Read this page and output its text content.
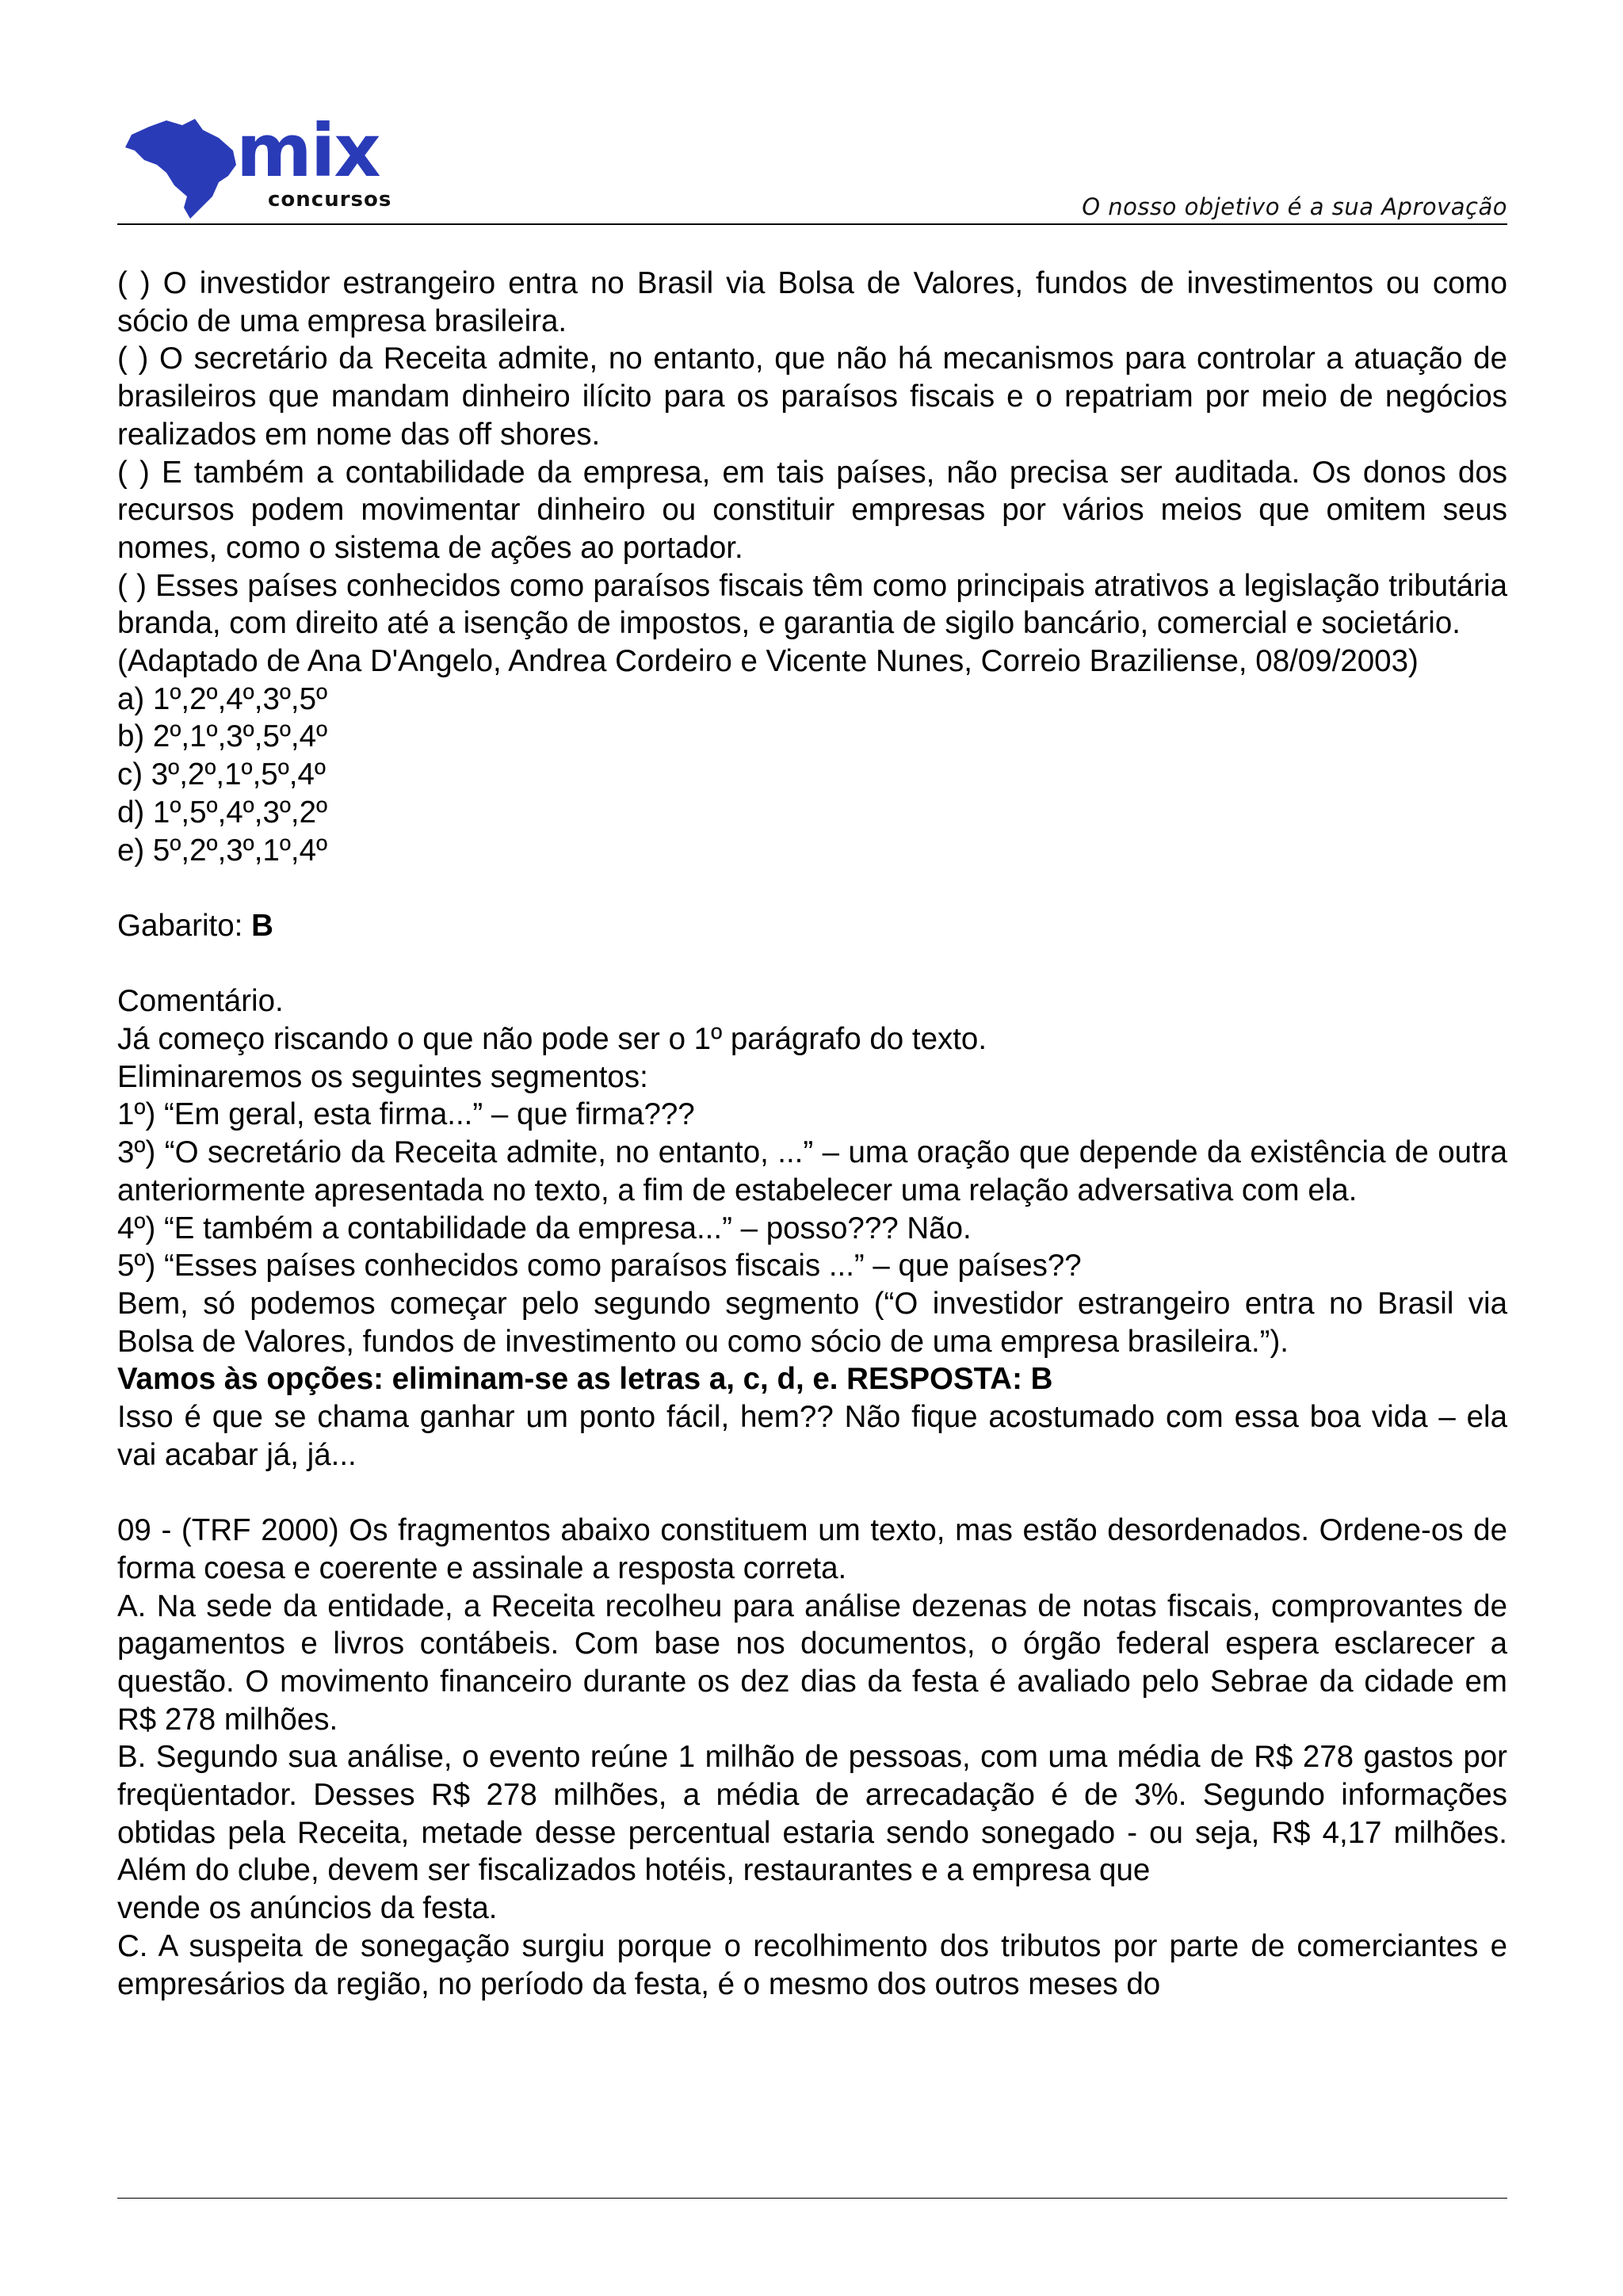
mix
concursos	O nosso objetivo é a sua Aprovação

( ) O investidor estrangeiro entra no Brasil via Bolsa de Valores, fundos de investimentos ou como sócio de uma empresa brasileira.

( ) O secretário da Receita admite, no entanto, que não há mecanismos para controlar a atuação de brasileiros que mandam dinheiro ilícito para os paraísos fiscais e o repatriam por meio de negócios realizados em nome das off shores.

( ) E também a contabilidade da empresa, em tais países, não precisa ser auditada. Os donos dos recursos podem movimentar dinheiro ou constituir empresas por vários meios que omitem seus nomes, como o sistema de ações ao portador.

( ) Esses países conhecidos como paraísos fiscais têm como principais atrativos a legislação tributária branda, com direito até a isenção de impostos, e garantia de sigilo bancário, comercial e societário.

(Adaptado de Ana D'Angelo, Andrea Cordeiro e Vicente Nunes, Correio Braziliense, 08/09/2003)

a) 1º,2º,4º,3º,5º

b) 2º,1º,3º,5º,4º

c) 3º,2º,1º,5º,4º

d) 1º,5º,4º,3º,2º

e) 5º,2º,3º,1º,4º

Gabarito: B

Comentário.

Já começo riscando o que não pode ser o 1º parágrafo do texto.

Eliminaremos os seguintes segmentos:

1º) “Em geral, esta firma...” – que firma???

3º) “O secretário da Receita admite, no entanto, ...” – uma oração que depende da existência de outra anteriormente apresentada no texto, a fim de estabelecer uma relação adversativa com ela.

4º) “E também a contabilidade da empresa...” – posso??? Não.

5º) “Esses países conhecidos como paraísos fiscais ...” – que países??

Bem, só podemos começar pelo segundo segmento (“O investidor estrangeiro entra no Brasil via Bolsa de Valores, fundos de investimento ou como sócio de uma empresa brasileira.”).

Vamos às opções: eliminam-se as letras a, c, d, e. RESPOSTA: B

Isso é que se chama ganhar um ponto fácil, hem?? Não fique acostumado com essa boa vida – ela vai acabar já, já...

09 - (TRF 2000) Os fragmentos abaixo constituem um texto, mas estão desordenados. Ordene-os de forma coesa e coerente e assinale a resposta correta.

A. Na sede da entidade, a Receita recolheu para análise dezenas de notas fiscais, comprovantes de pagamentos e livros contábeis. Com base nos documentos, o órgão federal espera esclarecer a questão. O movimento financeiro durante os dez dias da festa é avaliado pelo Sebrae da cidade em R$ 278 milhões.

B. Segundo sua análise, o evento reúne 1 milhão de pessoas, com uma média de R$ 278 gastos por freqüentador. Desses R$ 278 milhões, a média de arrecadação é de 3%. Segundo informações obtidas pela Receita, metade desse percentual estaria sendo sonegado - ou seja, R$ 4,17 milhões. Além do clube, devem ser fiscalizados hotéis, restaurantes e a empresa que

vende os anúncios da festa.

C. A suspeita de sonegação surgiu porque o recolhimento dos tributos por parte de comerciantes e empresários da região, no período da festa, é o mesmo dos outros meses do
